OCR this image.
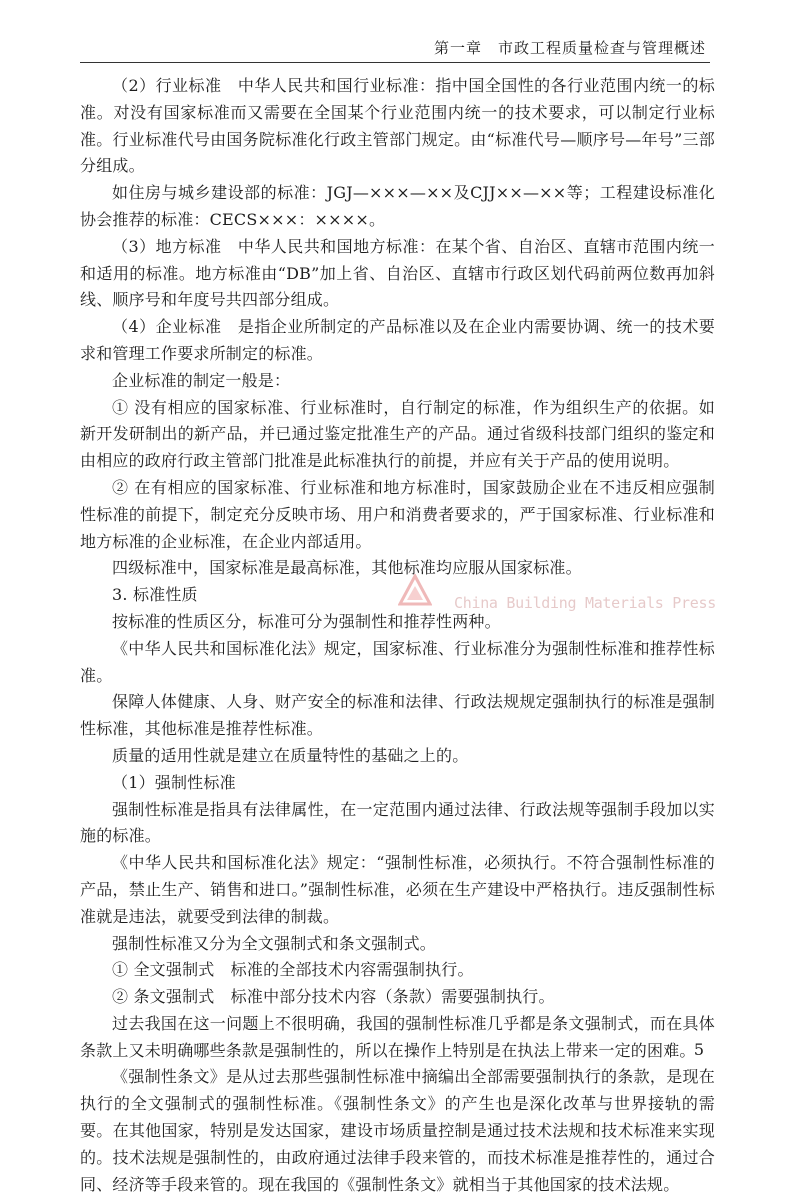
第一章　市政工程质量检查与管理概述

（2）行业标准　中华人民共和国行业标准：指中国全国性的各行业范围内统一的标准。对没有国家标准而又需要在全国某个行业范围内统一的技术要求，可以制定行业标准。行业标准代号由国务院标准化行政主管部门规定。由“标准代号—顺序号—年号”三部分组成。

如住房与城乡建设部的标准：JGJ—×××—××及CJJ××—××等；工程建设标准化协会推荐的标准：CECS×××：××××。

（3）地方标准　中华人民共和国地方标准：在某个省、自治区、直辖市范围内统一和适用的标准。地方标准由“DB”加上省、自治区、直辖市行政区划代码前两位数再加斜线、顺序号和年度号共四部分组成。

（4）企业标准　是指企业所制定的产品标准以及在企业内需要协调、统一的技术要求和管理工作要求所制定的标准。

企业标准的制定一般是：

① 没有相应的国家标准、行业标准时，自行制定的标准，作为组织生产的依据。如新开发研制出的新产品，并已通过鉴定批准生产的产品。通过省级科技部门组织的鉴定和由相应的政府行政主管部门批准是此标准执行的前提，并应有关于产品的使用说明。

② 在有相应的国家标准、行业标准和地方标准时，国家鼓励企业在不违反相应强制性标准的前提下，制定充分反映市场、用户和消费者要求的，严于国家标准、行业标准和地方标准的企业标准，在企业内部适用。

四级标准中，国家标准是最高标准，其他标准均应服从国家标准。

3. 标准性质

按标准的性质区分，标准可分为强制性和推荐性两种。

《中华人民共和国标准化法》规定，国家标准、行业标准分为强制性标准和推荐性标准。

保障人体健康、人身、财产安全的标准和法律、行政法规规定强制执行的标准是强制性标准，其他标准是推荐性标准。

质量的适用性就是建立在质量特性的基础之上的。

（1）强制性标准

强制性标准是指具有法律属性，在一定范围内通过法律、行政法规等强制手段加以实施的标准。

《中华人民共和国标准化法》规定：“强制性标准，必须执行。不符合强制性标准的产品，禁止生产、销售和进口。”强制性标准，必须在生产建设中严格执行。违反强制性标准就是违法，就要受到法律的制裁。

强制性标准又分为全文强制式和条文强制式。

① 全文强制式　标准的全部技术内容需强制执行。

② 条文强制式　标准中部分技术内容（条款）需要强制执行。

过去我国在这一问题上不很明确，我国的强制性标准几乎都是条文强制式，而在具体条款上又未明确哪些条款是强制性的，所以在操作上特别是在执法上带来一定的困难。

《强制性条文》是从过去那些强制性标准中摘编出全部需要强制执行的条款，是现在执行的全文强制式的强制性标准。《强制性条文》的产生也是深化改革与世界接轨的需要。在其他国家，特别是发达国家，建设市场质量控制是通过技术法规和技术标准来实现的。技术法规是强制性的，由政府通过法律手段来管的，而技术标准是推荐性的，通过合同、经济等手段来管的。现在我国的《强制性条文》就相当于其他国家的技术法规。

China Building Materials Press
5
